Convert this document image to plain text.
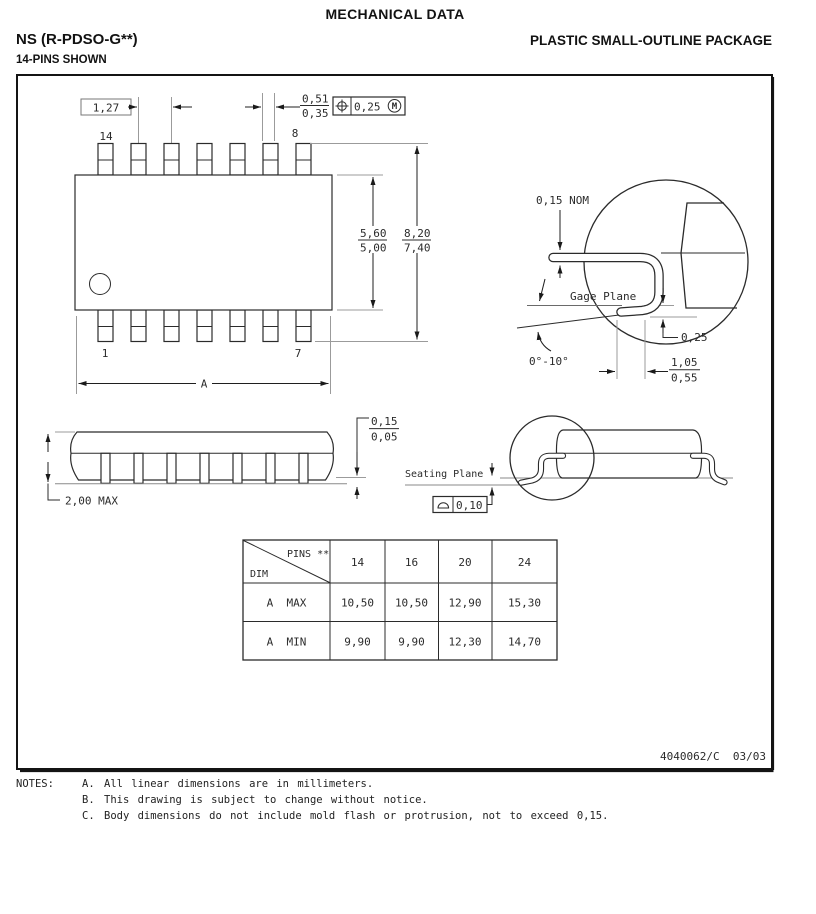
MECHANICAL DATA
NS (R-PDSO-G**)
14-PINS SHOWN
PLASTIC SMALL-OUTLINE PACKAGE
14	8
1	7
1,27
0,51
0,35 0,25 M
5,60
5,00
8,20
7,40
A
0,15 NOM
Gage Plane
0,25
0°-10°	1,05
0,55
2,00 MAX
0,15
0,05
Seating Plane
0,10
PINS **
DIM
14	16	20	24
A  MAX	10,50 10,50 12,90 15,30
A  MIN	9,90	9,90 12,30 14,70
4040062/C  03/03
NOTES:	A. All linear dimensions are in millimeters.
B. This drawing is subject to change without notice.
C. Body dimensions do not include mold flash or protrusion, not to exceed 0,15.
